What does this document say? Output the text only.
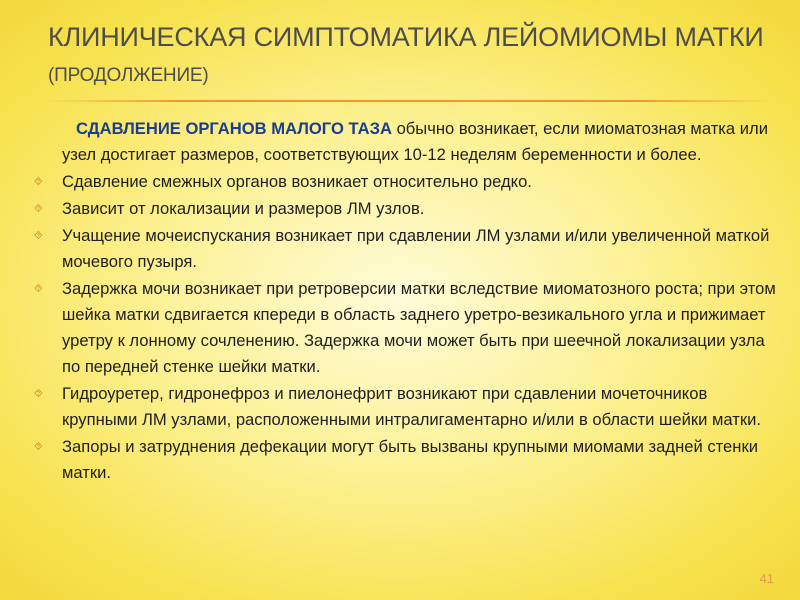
КЛИНИЧЕСКАЯ СИМПТОМАТИКА ЛЕЙОМИОМЫ МАТКИ (ПРОДОЛЖЕНИЕ)
СДАВЛЕНИЕ ОРГАНОВ МАЛОГО ТАЗА обычно возникает, если миоматозная матка или узел достигает размеров, соответствующих 10-12 неделям беременности и более.
⯑ Сдавление смежных органов возникает относительно редко.
⯑ Зависит от локализации и размеров ЛМ узлов.
⯑ Учащение мочеиспускания возникает при сдавлении ЛМ узлами и/или увеличенной маткой мочевого пузыря.
⯑ Задержка мочи возникает при ретроверсии матки вследствие миоматозного роста; при этом шейка матки сдвигается кпереди в область заднего уретро-везикального угла и прижимает уретру к лонному сочленению. Задержка мочи может быть при шеечной локализации узла по передней стенке шейки матки.
⯑ Гидроуретер, гидронефроз и пиелонефрит возникают при сдавлении мочеточников крупными ЛМ узлами, расположенными интралигаментарно и/или в области шейки матки.
⯑ Запоры и затруднения дефекации могут быть вызваны крупными миомами задней стенки матки.
41
